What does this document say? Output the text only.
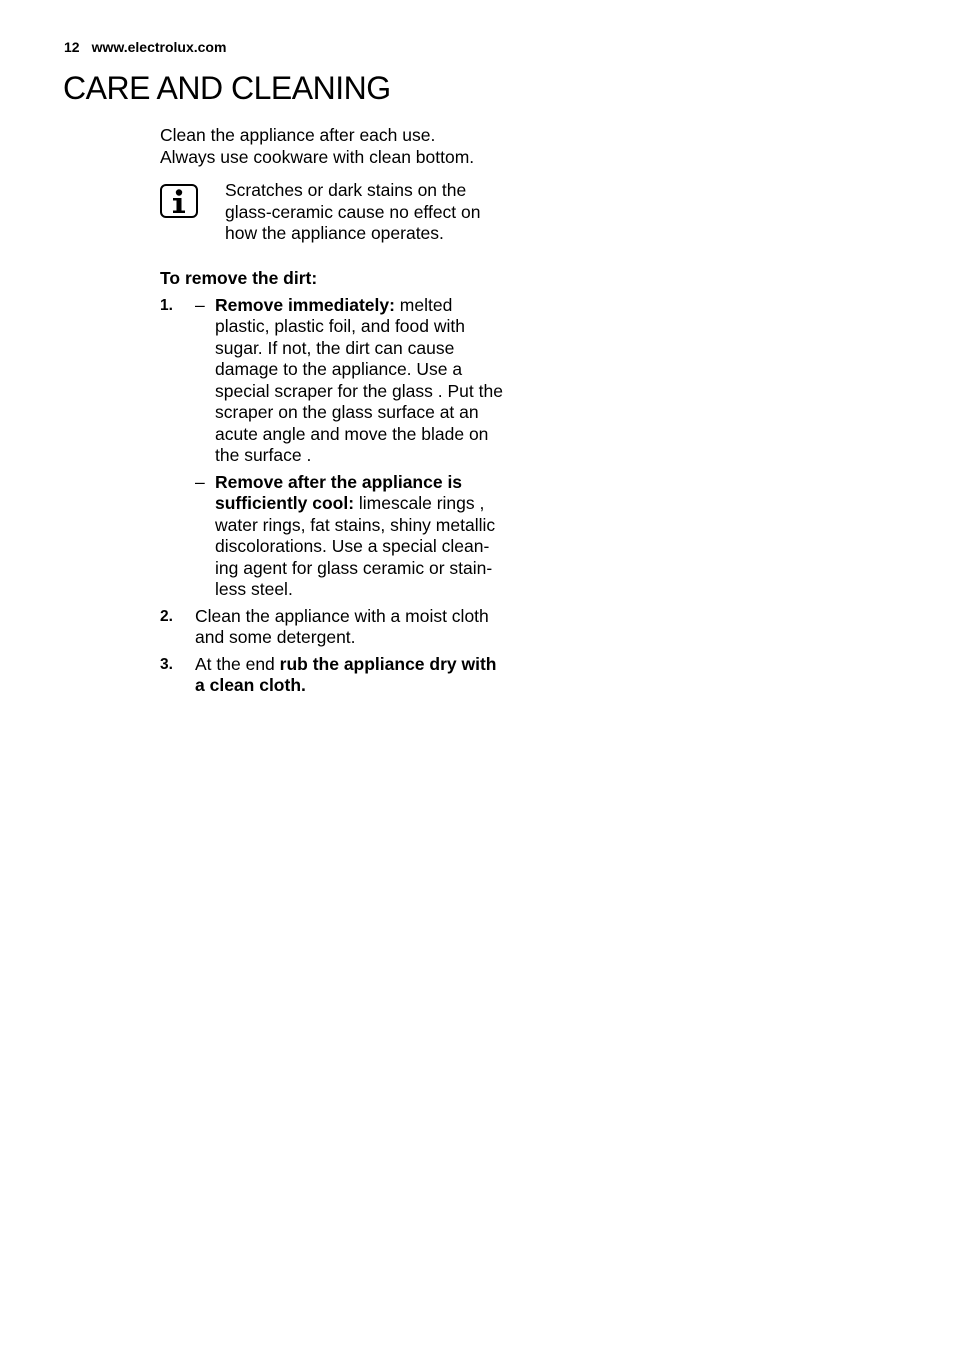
12 www.electrolux.com
CARE AND CLEANING

Clean the appliance after each use.

Always use cookware with clean bottom.

Scratches or dark stains on the glass-ceramic cause no effect on how the appliance operates.

To remove the dirt:

1. – Remove immediately: melted plastic, plastic foil, and food with sugar. If not, the dirt can cause damage to the appliance. Use a special scraper for the glass . Put the scraper on the glass surface at an acute angle and move the blade on the surface .
– Remove after the appliance is sufficiently cool: limescale rings , water rings, fat stains, shiny metallic discolorations. Use a special clean-ing agent for glass ceramic or stain-less steel.
2. Clean the appliance with a moist cloth and some detergent.
3. At the end rub the appliance dry with a clean cloth.
